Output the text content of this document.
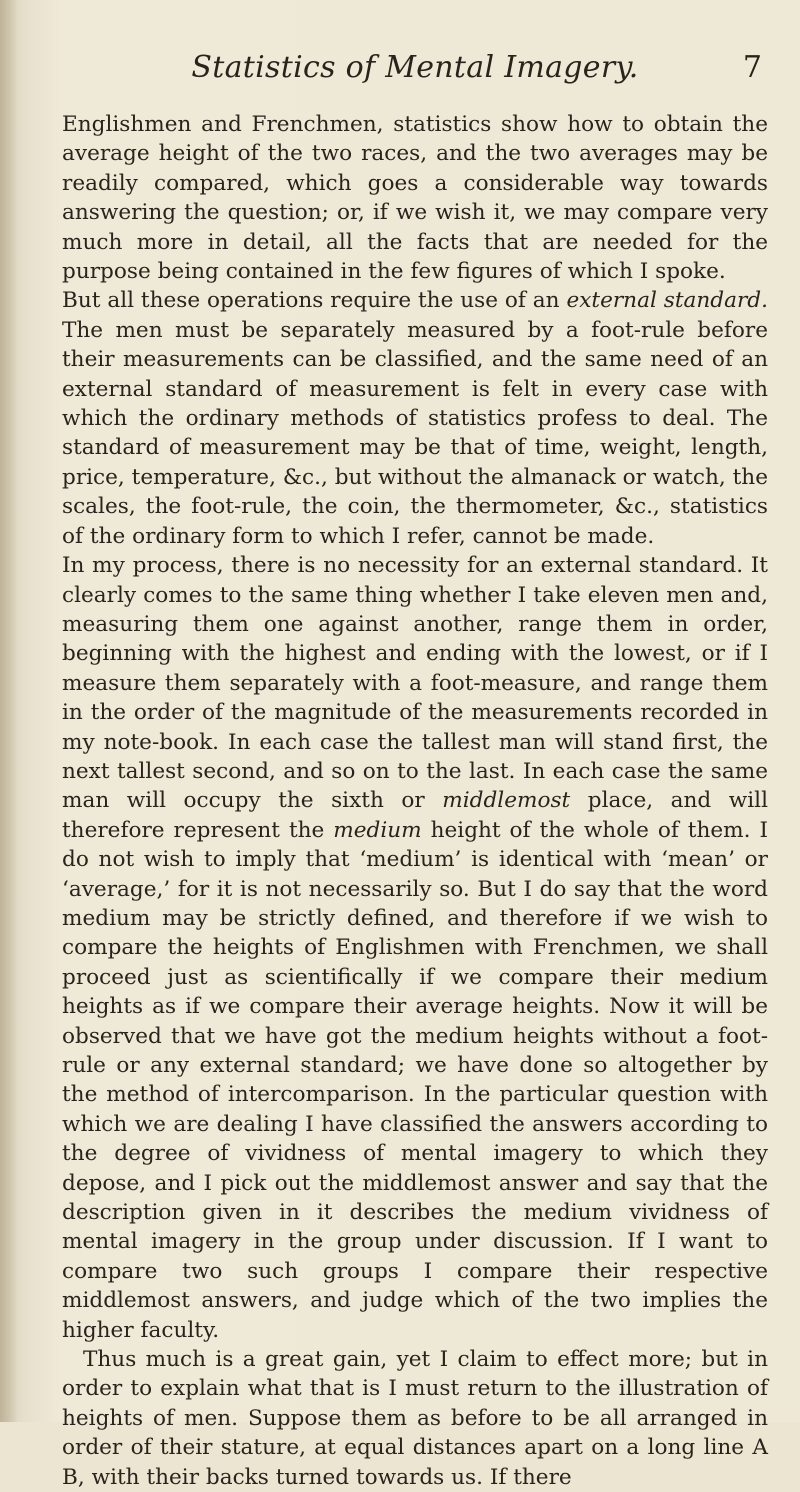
Statistics of Mental Imagery.	7

Englishmen and Frenchmen, statistics show how to obtain the average height of the two races, and the two averages may be readily compared, which goes a considerable way towards answering the question; or, if we wish it, we may compare very much more in detail, all the facts that are needed for the purpose being contained in the few figures of which I spoke.

But all these operations require the use of an external standard. The men must be separately measured by a foot-rule before their measurements can be classified, and the same need of an external standard of measurement is felt in every case with which the ordinary methods of statistics profess to deal. The standard of measurement may be that of time, weight, length, price, temperature, &c., but without the almanack or watch, the scales, the foot-rule, the coin, the thermometer, &c., statistics of the ordinary form to which I refer, cannot be made.

In my process, there is no necessity for an external standard. It clearly comes to the same thing whether I take eleven men and, measuring them one against another, range them in order, beginning with the highest and ending with the lowest, or if I measure them separately with a foot-measure, and range them in the order of the magnitude of the measurements recorded in my note-book. In each case the tallest man will stand first, the next tallest second, and so on to the last. In each case the same man will occupy the sixth or middlemost place, and will therefore represent the medium height of the whole of them. I do not wish to imply that ‘medium’ is identical with ‘mean’ or ‘average,’ for it is not necessarily so. But I do say that the word medium may be strictly defined, and therefore if we wish to compare the heights of Englishmen with Frenchmen, we shall proceed just as scientifically if we compare their medium heights as if we compare their average heights. Now it will be observed that we have got the medium heights without a foot-rule or any external standard; we have done so altogether by the method of intercomparison. In the particular question with which we are dealing I have classified the answers according to the degree of vividness of mental imagery to which they depose, and I pick out the middlemost answer and say that the description given in it describes the medium vividness of mental imagery in the group under discussion. If I want to compare two such groups I compare their respective middlemost answers, and judge which of the two implies the higher faculty.

Thus much is a great gain, yet I claim to effect more; but in order to explain what that is I must return to the illustration of heights of men. Suppose them as before to be all arranged in order of their stature, at equal distances apart on a long line A B, with their backs turned towards us. If there
